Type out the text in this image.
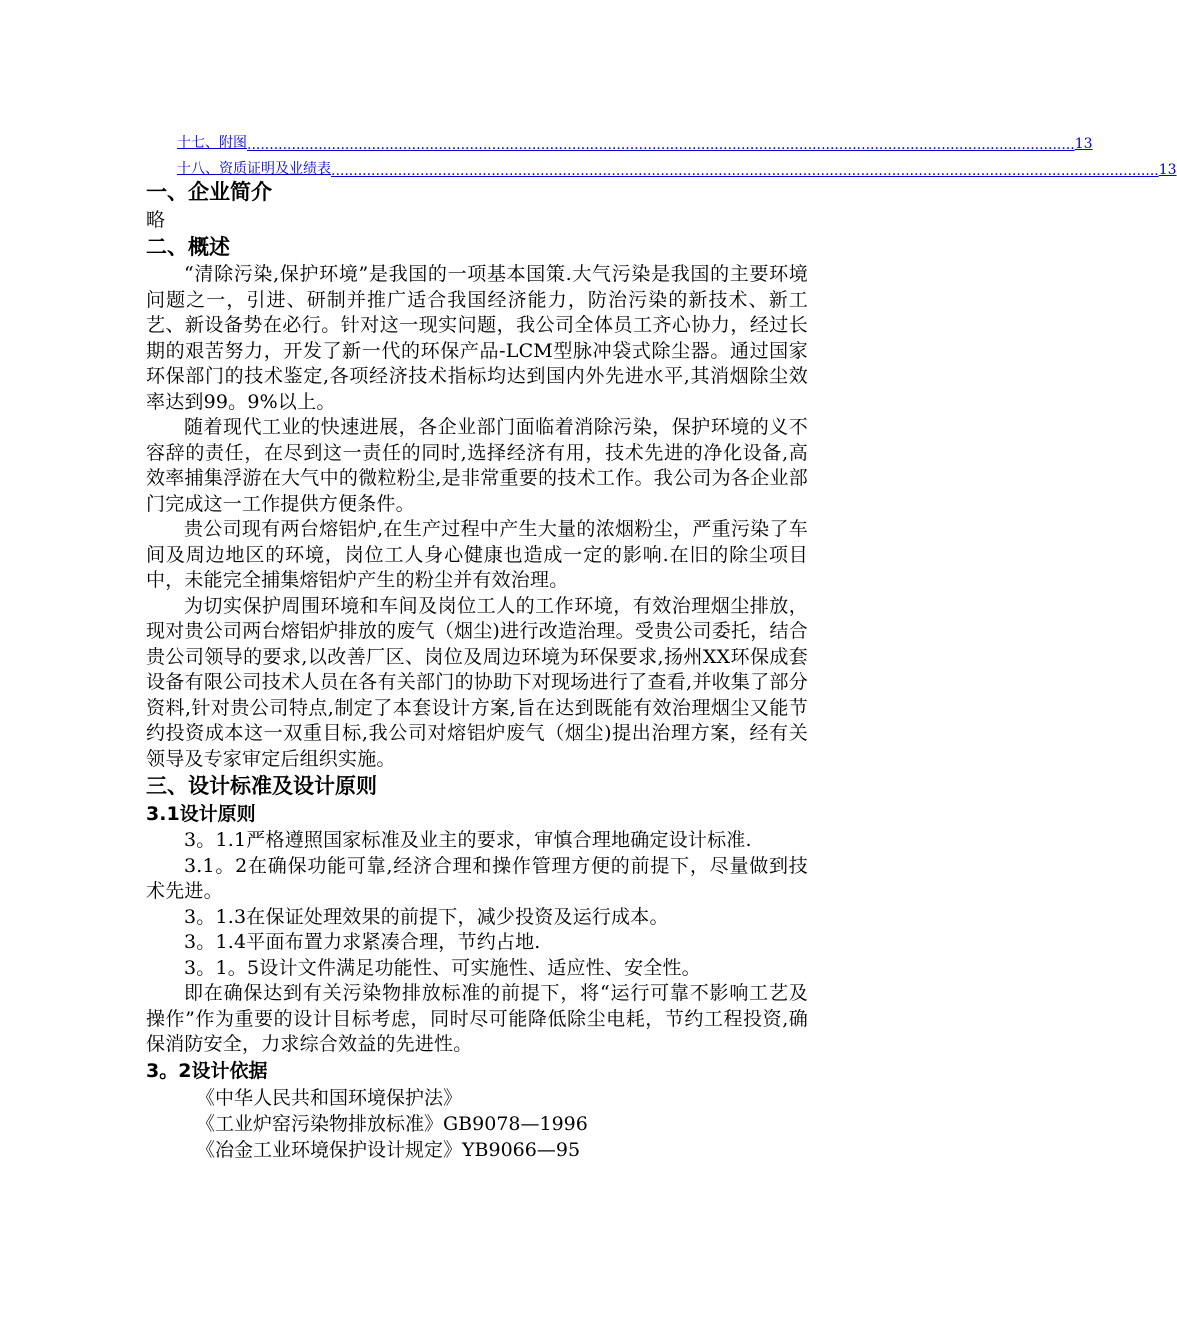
十七、附图 .......................................................................................................................................................................................... 13
十八、资质证明及业绩表 .......................................................................................................................................................................................... 13
一、企业简介

略

二、概述

“清除污染,保护环境”是我国的一项基本国策.大气污染是我国的主要环境问题之一，引进、研制并推广适合我国经济能力，防治污染的新技术、新工艺、新设备势在必行。针对这一现实问题，我公司全体员工齐心协力，经过长期的艰苦努力，开发了新一代的环保产品-LCM型脉冲袋式除尘器。通过国家环保部门的技术鉴定,各项经济技术指标均达到国内外先进水平,其消烟除尘效率达到99。9%以上。

随着现代工业的快速进展，各企业部门面临着消除污染，保护环境的义不容辞的责任，在尽到这一责任的同时,选择经济有用，技术先进的净化设备,高效率捕集浮游在大气中的微粒粉尘,是非常重要的技术工作。我公司为各企业部门完成这一工作提供方便条件。

贵公司现有两台熔铝炉,在生产过程中产生大量的浓烟粉尘，严重污染了车间及周边地区的环境，岗位工人身心健康也造成一定的影响.在旧的除尘项目中，未能完全捕集熔铝炉产生的粉尘并有效治理。

为切实保护周围环境和车间及岗位工人的工作环境，有效治理烟尘排放，现对贵公司两台熔铝炉排放的废气（烟尘)进行改造治理。受贵公司委托，结合贵公司领导的要求,以改善厂区、岗位及周边环境为环保要求,扬州XX环保成套设备有限公司技术人员在各有关部门的协助下对现场进行了查看,并收集了部分资料,针对贵公司特点,制定了本套设计方案,旨在达到既能有效治理烟尘又能节约投资成本这一双重目标,我公司对熔铝炉废气（烟尘)提出治理方案，经有关领导及专家审定后组织实施。

三、设计标准及设计原则
3.1设计原则

3。1.1严格遵照国家标准及业主的要求，审慎合理地确定设计标准.

3.1。2在确保功能可靠,经济合理和操作管理方便的前提下，尽量做到技术先进。

3。1.3在保证处理效果的前提下，减少投资及运行成本。

3。1.4平面布置力求紧凑合理，节约占地.

3。1。5设计文件满足功能性、可实施性、适应性、安全性。

即在确保达到有关污染物排放标准的前提下，将“运行可靠不影响工艺及操作”作为重要的设计目标考虑，同时尽可能降低除尘电耗，节约工程投资,确保消防安全，力求综合效益的先进性。

3。2设计依据

《中华人民共和国环境保护法》

《工业炉窑污染物排放标准》GB9078—1996

《冶金工业环境保护设计规定》YB9066—95
